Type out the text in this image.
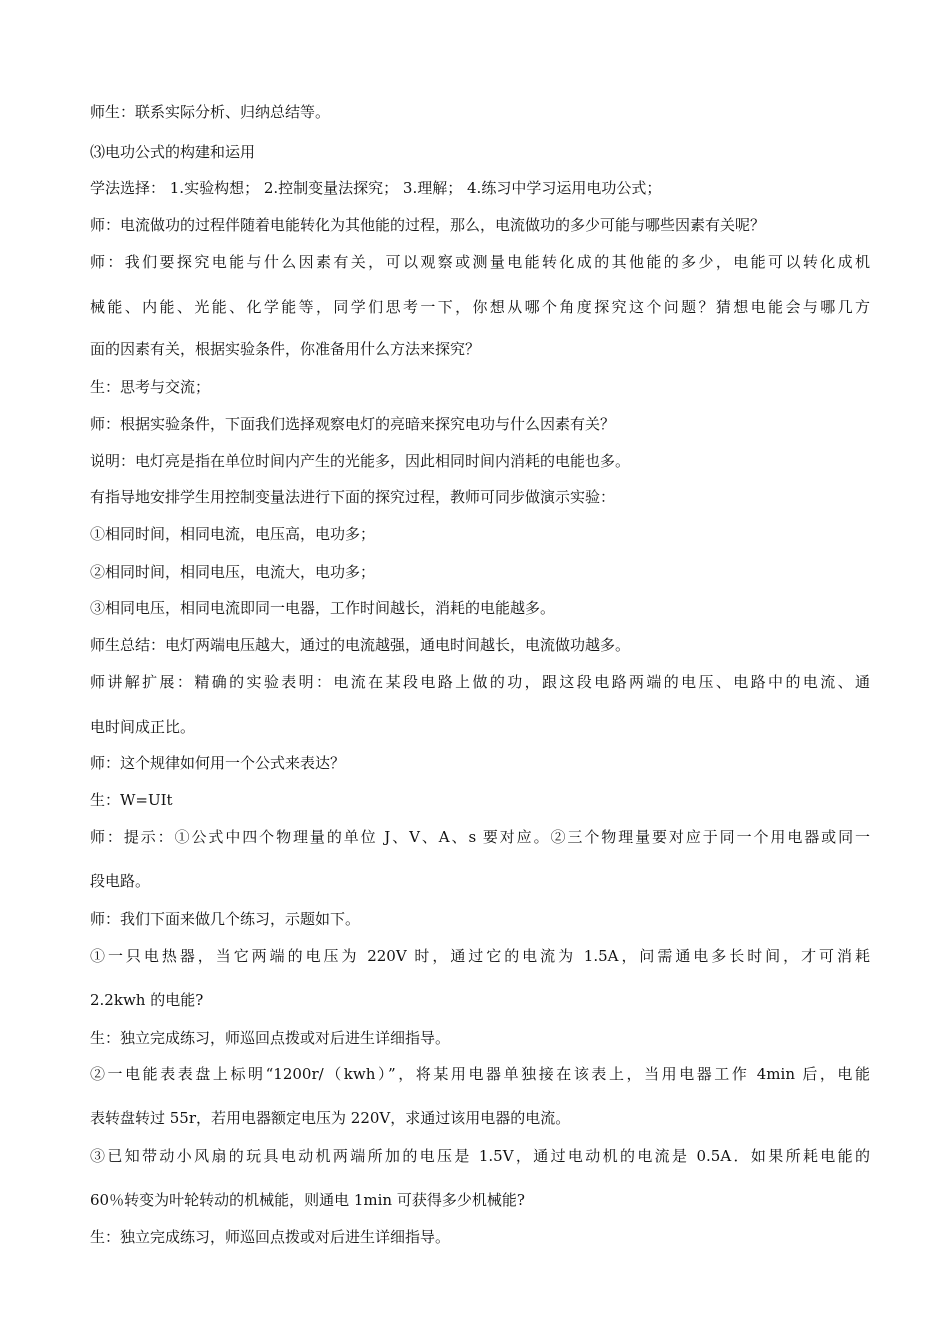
师生：联系实际分析、归纳总结等。
⑶电功公式的构建和运用
学法选择： 1.实验构想； 2.控制变量法探究； 3.理解； 4.练习中学习运用电功公式；
师：电流做功的过程伴随着电能转化为其他能的过程，那么，电流做功的多少可能与哪些因素有关呢？
师：我们要探究电能与什么因素有关，可以观察或测量电能转化成的其他能的多少，电能可以转化成机
械能、内能、光能、化学能等，同学们思考一下，你想从哪个角度探究这个问题？猜想电能会与哪几方
面的因素有关，根据实验条件，你准备用什么方法来探究？
生：思考与交流；
师：根据实验条件，下面我们选择观察电灯的亮暗来探究电功与什么因素有关？
说明：电灯亮是指在单位时间内产生的光能多，因此相同时间内消耗的电能也多。
有指导地安排学生用控制变量法进行下面的探究过程，教师可同步做演示实验：
①相同时间，相同电流，电压高，电功多；
②相同时间，相同电压，电流大，电功多；
③相同电压，相同电流即同一电器，工作时间越长，消耗的电能越多。
师生总结：电灯两端电压越大，通过的电流越强，通电时间越长，电流做功越多。
师讲解扩展：精确的实验表明：电流在某段电路上做的功，跟这段电路两端的电压、电路中的电流、通
电时间成正比。
师：这个规律如何用一个公式来表达？
生：W=UIt
师：提示：①公式中四个物理量的单位 J、V、A、s 要对应。②三个物理量要对应于同一个用电器或同一
段电路。
师：我们下面来做几个练习，示题如下。
①一只电热器，当它两端的电压为 220V 时，通过它的电流为 1.5A，问需通电多长时间，才可消耗
2.2kwh 的电能?
生：独立完成练习，师巡回点拨或对后进生详细指导。
②一电能表表盘上标明“1200r/（kwh）”，将某用电器单独接在该表上，当用电器工作 4min 后，电能
表转盘转过 55r，若用电器额定电压为 220V，求通过该用电器的电流。
③已知带动小风扇的玩具电动机两端所加的电压是 1.5V，通过电动机的电流是 0.5A．如果所耗电能的
60％转变为叶轮转动的机械能，则通电 1min 可获得多少机械能?
生：独立完成练习，师巡回点拨或对后进生详细指导。
